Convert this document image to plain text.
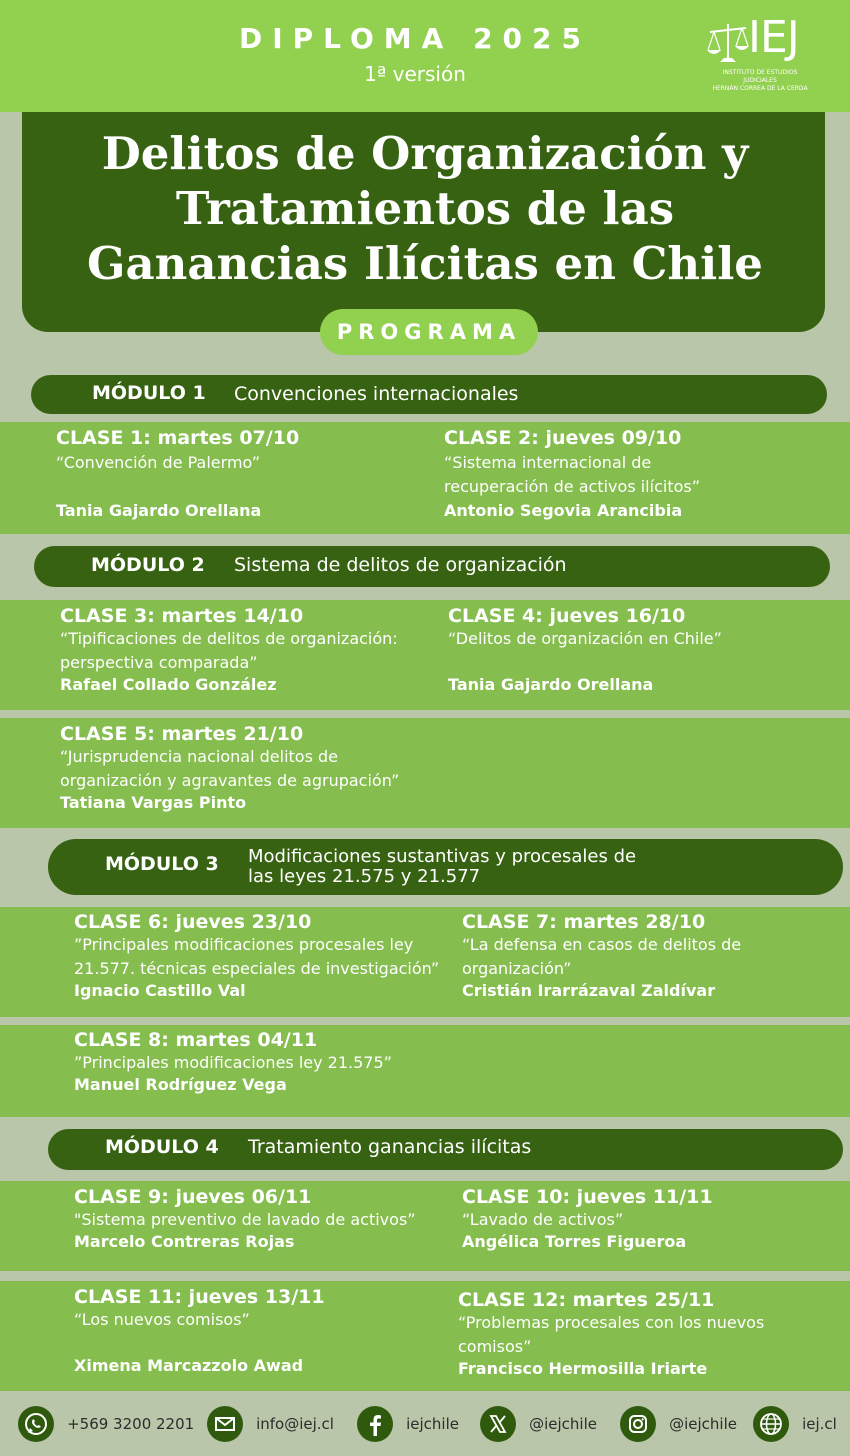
DIPLOMA 2025
1ª versión
IEJ
INSTITUTO DE ESTUDIOS JUDICIALES
HERNÁN CORREA DE LA CERDA
Delitos de Organización y
Tratamientos de las
Ganancias Ilícitas en Chile
PROGRAMA
MÓDULO 1 Convenciones internacionales
CLASE 1: martes 07/10
“Convención de Palermo”
Tania Gajardo Orellana
CLASE 2: jueves 09/10
“Sistema internacional de
recuperación de activos ilícitos”
Antonio Segovia Arancibia
MÓDULO 2 Sistema de delitos de organización
CLASE 3: martes 14/10
“Tipificaciones de delitos de organización:
perspectiva comparada”
Rafael Collado González
CLASE 4: jueves 16/10
“Delitos de organización en Chile”
Tania Gajardo Orellana
CLASE 5: martes 21/10
“Jurisprudencia nacional delitos de
organización y agravantes de agrupación”
Tatiana Vargas Pinto
MÓDULO 3 Modificaciones sustantivas y procesales de
las leyes 21.575 y 21.577
CLASE 6: jueves 23/10
”Principales modificaciones procesales ley
21.577. técnicas especiales de investigación”
Ignacio Castillo Val
CLASE 7: martes 28/10
“La defensa en casos de delitos de
organización”
Cristián Irarrázaval Zaldívar
CLASE 8: martes 04/11
”Principales modificaciones ley 21.575”
Manuel Rodríguez Vega
MÓDULO 4 Tratamiento ganancias ilícitas
CLASE 9: jueves 06/11
"Sistema preventivo de lavado de activos”
Marcelo Contreras Rojas
CLASE 10: jueves 11/11
“Lavado de activos”
Angélica Torres Figueroa
CLASE 11: jueves 13/11
“Los nuevos comisos”
Ximena Marcazzolo Awad
CLASE 12: martes 25/11
“Problemas procesales con los nuevos
comisos”
Francisco Hermosilla Iriarte
+569 3200 2201	info@iej.cl	iejchile	@iejchile	@iejchile	iej.cl
